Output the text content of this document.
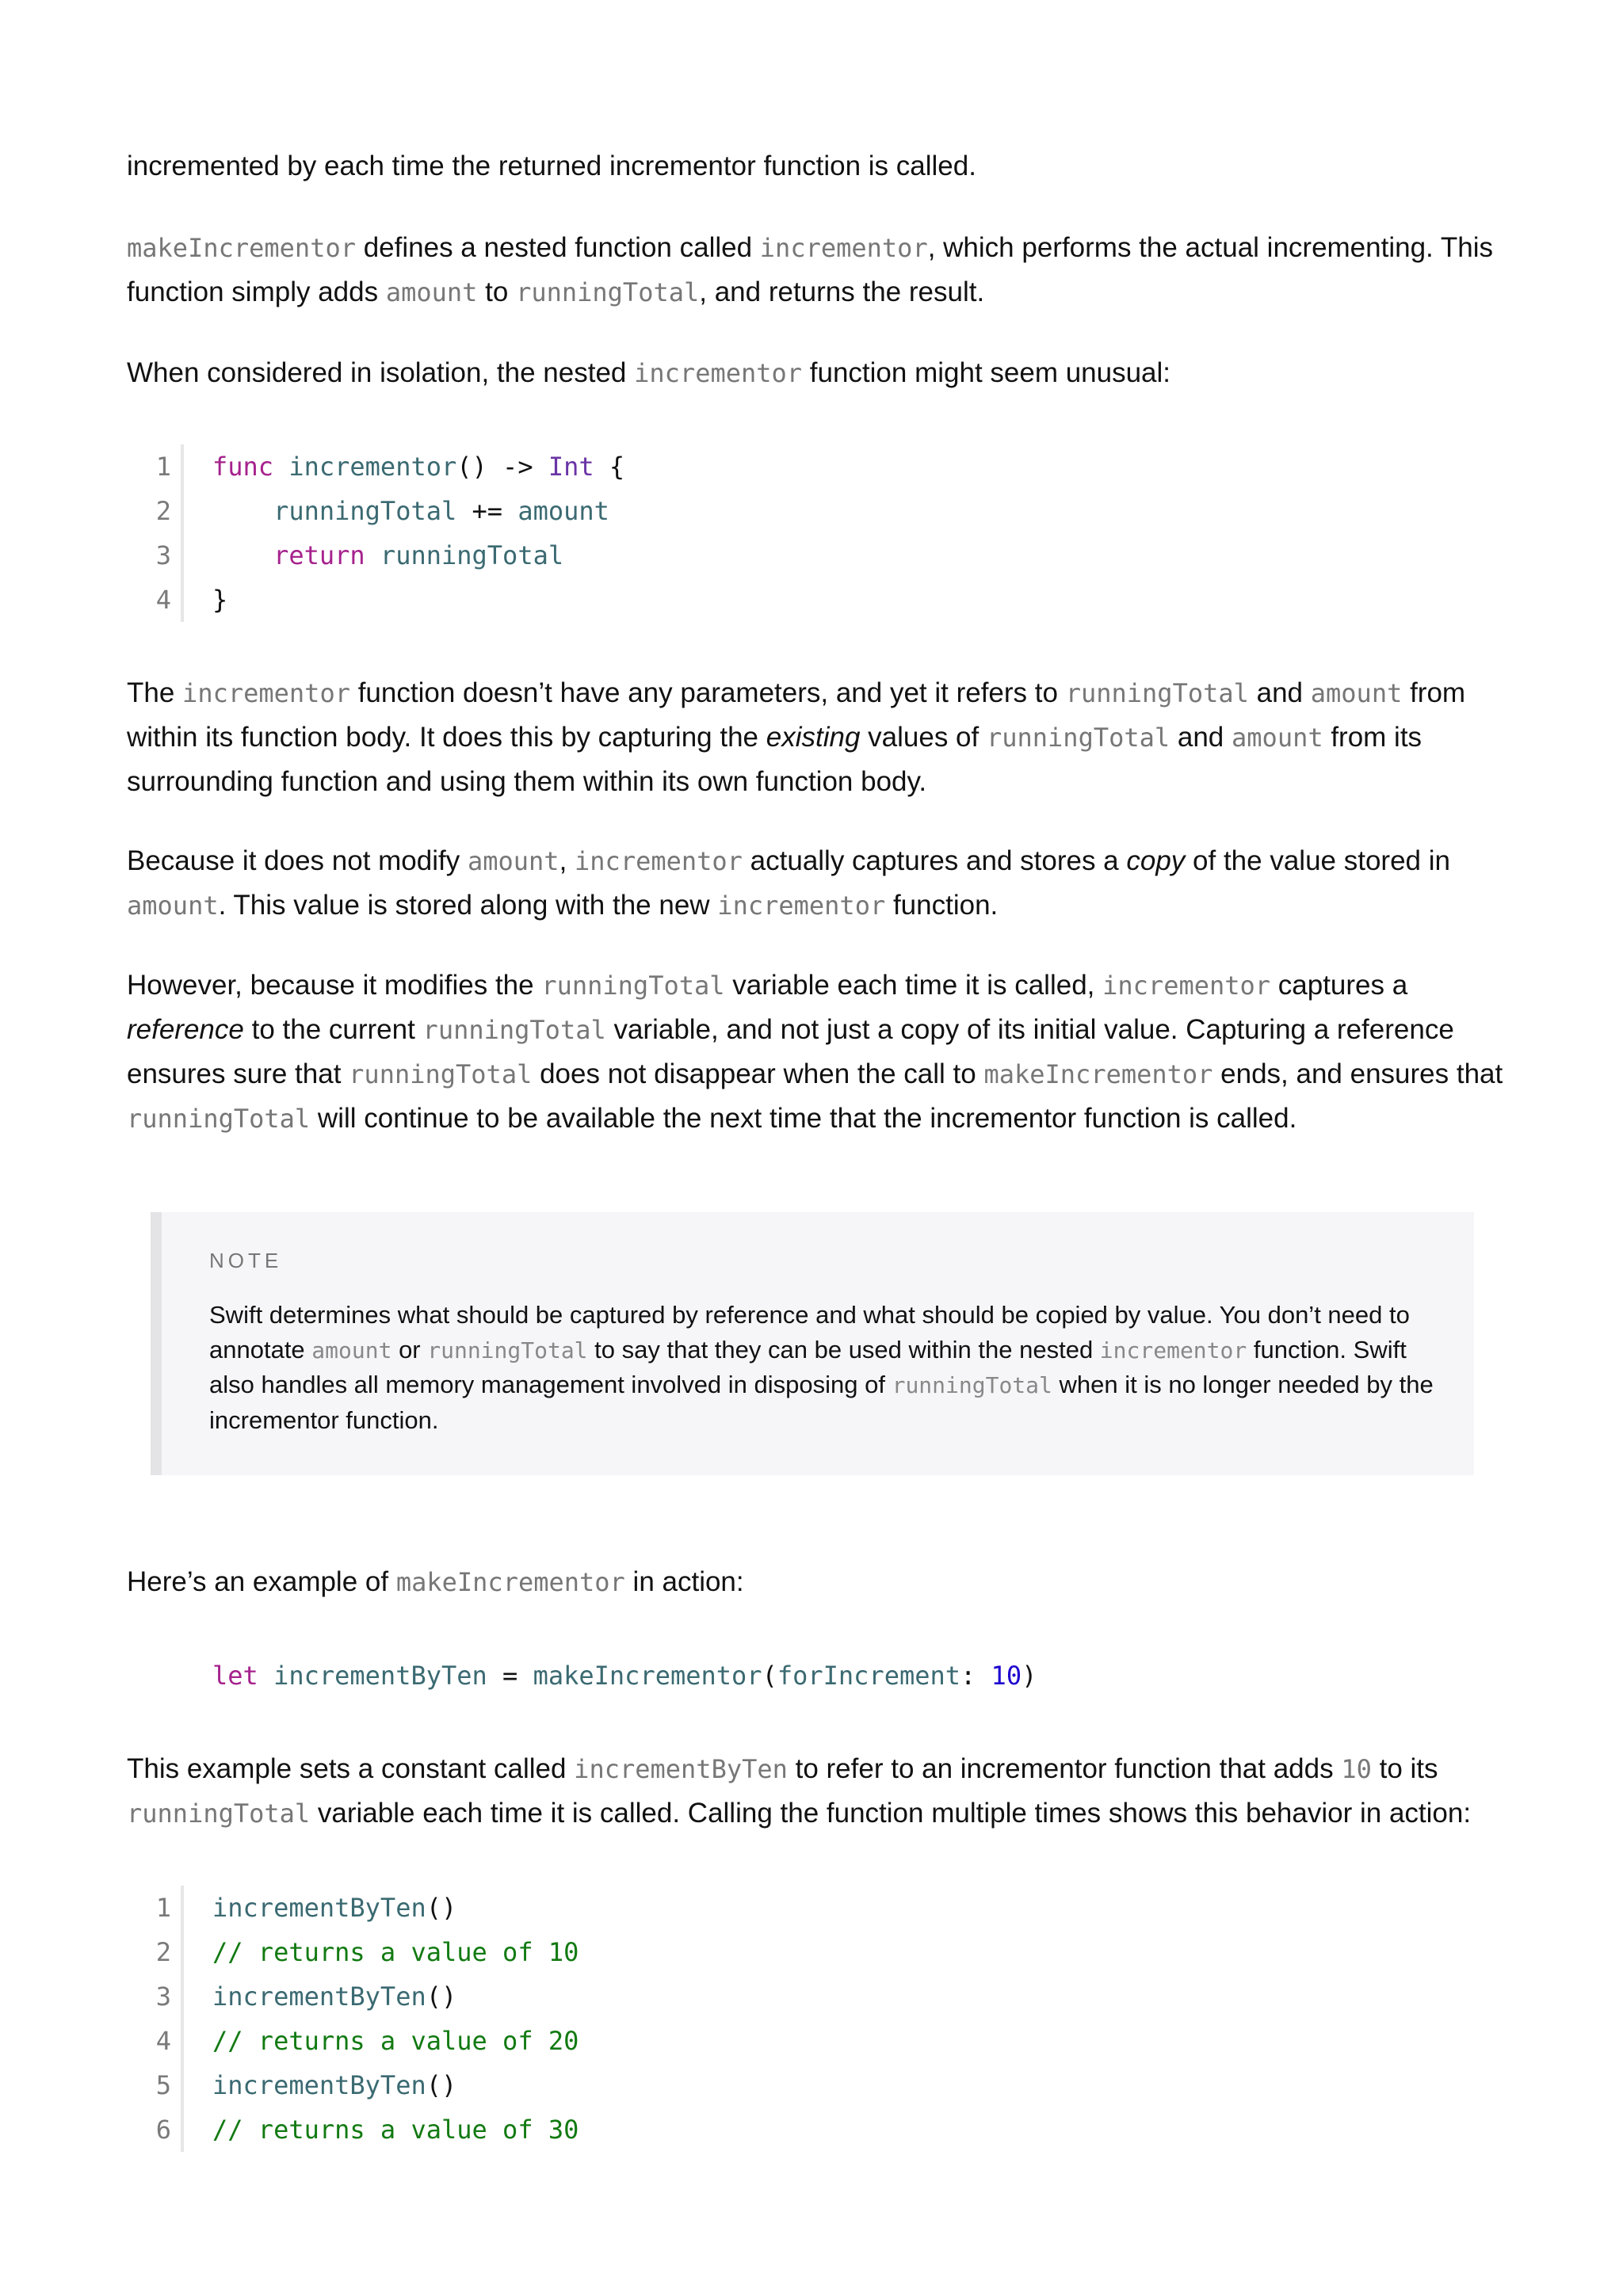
incremented by each time the returned incrementor function is called.

makeIncrementor defines a nested function called incrementor, which performs the actual incrementing. This function simply adds amount to runningTotal, and returns the result.

When considered in isolation, the nested incrementor function might seem unusual:

1	func incrementor() -> Int {
2	runningTotal += amount
3	return runningTotal
4	}

The incrementor function doesn’t have any parameters, and yet it refers to runningTotal and amount from within its function body. It does this by capturing the existing values of runningTotal and amount from its surrounding function and using them within its own function body.

Because it does not modify amount, incrementor actually captures and stores a copy of the value stored in amount. This value is stored along with the new incrementor function.

However, because it modifies the runningTotal variable each time it is called, incrementor captures a reference to the current runningTotal variable, and not just a copy of its initial value. Capturing a reference ensures sure that runningTotal does not disappear when the call to makeIncrementor ends, and ensures that runningTotal will continue to be available the next time that the incrementor function is called.

NOTE

Swift determines what should be captured by reference and what should be copied by value. You don’t need to annotate amount or runningTotal to say that they can be used within the nested incrementor function. Swift also handles all memory management involved in disposing of runningTotal when it is no longer needed by the incrementor function.

Here’s an example of makeIncrementor in action:

let incrementByTen = makeIncrementor(forIncrement: 10)

This example sets a constant called incrementByTen to refer to an incrementor function that adds 10 to its runningTotal variable each time it is called. Calling the function multiple times shows this behavior in action:

1	incrementByTen()
2	// returns a value of 10
3	incrementByTen()
4	// returns a value of 20
5	incrementByTen()
6	// returns a value of 30
